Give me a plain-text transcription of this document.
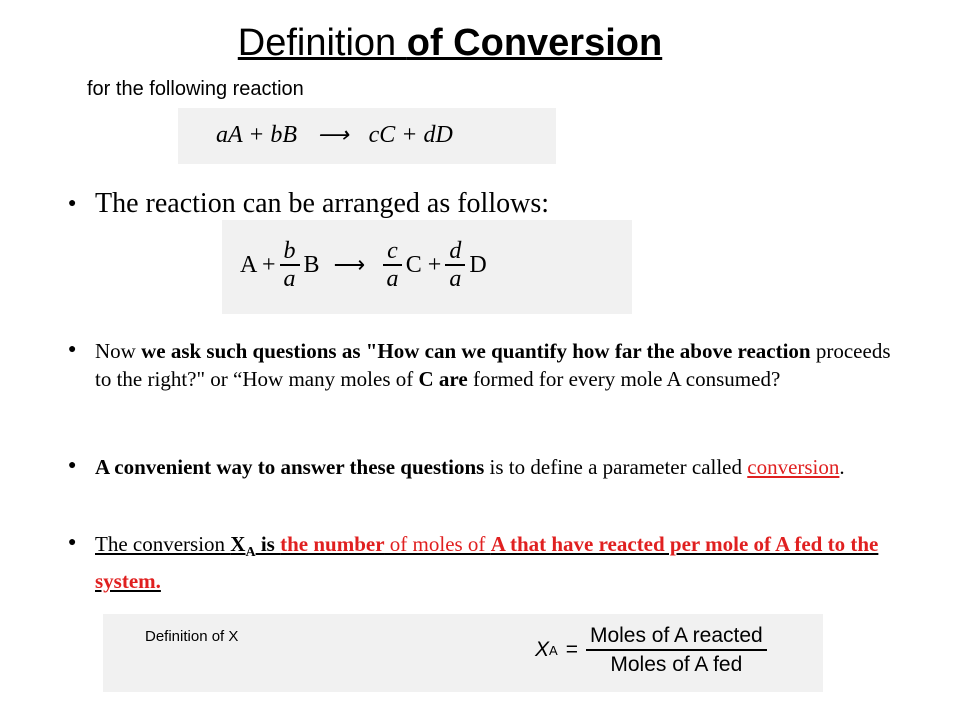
Definition of Conversion
for the following reaction
aA + bB ⟶ cC + dD
● The reaction can be arranged as follows:
$A + \frac{b}{a}$ B ⟶ $\frac{c}{a}$ $C + \frac{d}{a}$ D
● Now we ask such questions as "How can we quantify how far the above reaction proceeds to the right?" or “How many moles of C are formed for every mole A consumed?
● A convenient way to answer these questions is to define a parameter called conversion.
● The conversion $X_A$ is the number of moles of A that have reacted per mole of A fed to the system.
Definition of X
X A =
Moles of A reacted
Moles of A fed
